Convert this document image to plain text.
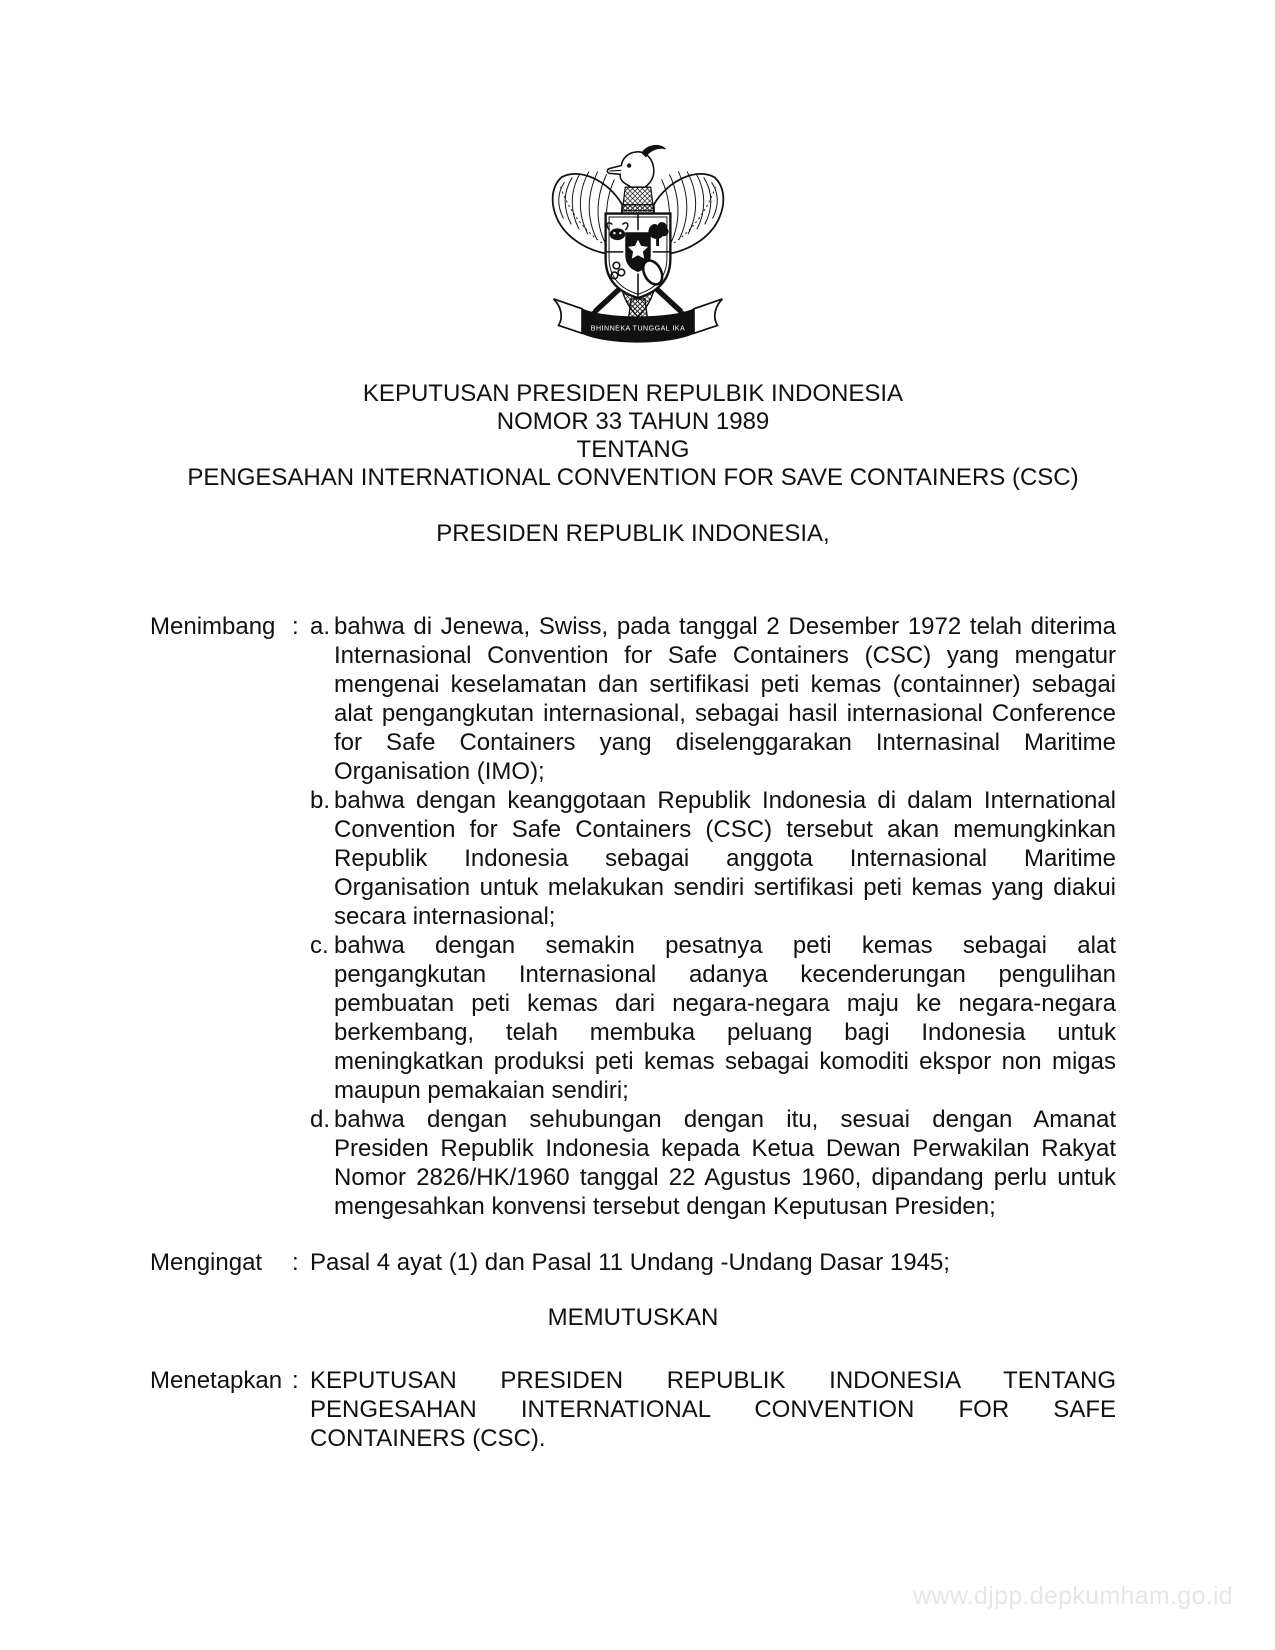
BHINNEKA TUNGGAL IKA
KEPUTUSAN PRESIDEN REPULBIK INDONESIA
NOMOR 33 TAHUN 1989
TENTANG
PENGESAHAN INTERNATIONAL CONVENTION FOR SAVE CONTAINERS (CSC)
PRESIDEN REPUBLIK INDONESIA,
Menimbang : a. bahwa di Jenewa, Swiss, pada tanggal 2 Desember 1972 telah diterima
Internasional Convention for Safe Containers (CSC) yang mengatur
mengenai keselamatan dan sertifikasi peti kemas (containner) sebagai
alat pengangkutan internasional, sebagai hasil internasional Conference
for Safe Containers yang diselenggarakan Internasinal Maritime
Organisation (IMO);
b. bahwa dengan keanggotaan Republik Indonesia di dalam International
Convention for Safe Containers (CSC) tersebut akan memungkinkan
Republik Indonesia sebagai anggota Internasional Maritime
Organisation untuk melakukan sendiri sertifikasi peti kemas yang diakui
secara internasional;
c. bahwa dengan semakin pesatnya peti kemas sebagai alat
pengangkutan Internasional adanya kecenderungan pengulihan
pembuatan peti kemas dari negara-negara maju ke negara-negara
berkembang, telah membuka peluang bagi Indonesia untuk
meningkatkan produksi peti kemas sebagai komoditi ekspor non migas
maupun pemakaian sendiri;
d. bahwa dengan sehubungan dengan itu, sesuai dengan Amanat
Presiden Republik Indonesia kepada Ketua Dewan Perwakilan Rakyat
Nomor 2826/HK/1960 tanggal 22 Agustus 1960, dipandang perlu untuk
mengesahkan konvensi tersebut dengan Keputusan Presiden;
Mengingat	: Pasal 4 ayat (1) dan Pasal 11 Undang -Undang Dasar 1945;
MEMUTUSKAN
Menetapkan : KEPUTUSAN PRESIDEN REPUBLIK INDONESIA TENTANG
PENGESAHAN INTERNATIONAL CONVENTION FOR SAFE
CONTAINERS (CSC).
www.djpp.depkumham.go.id
